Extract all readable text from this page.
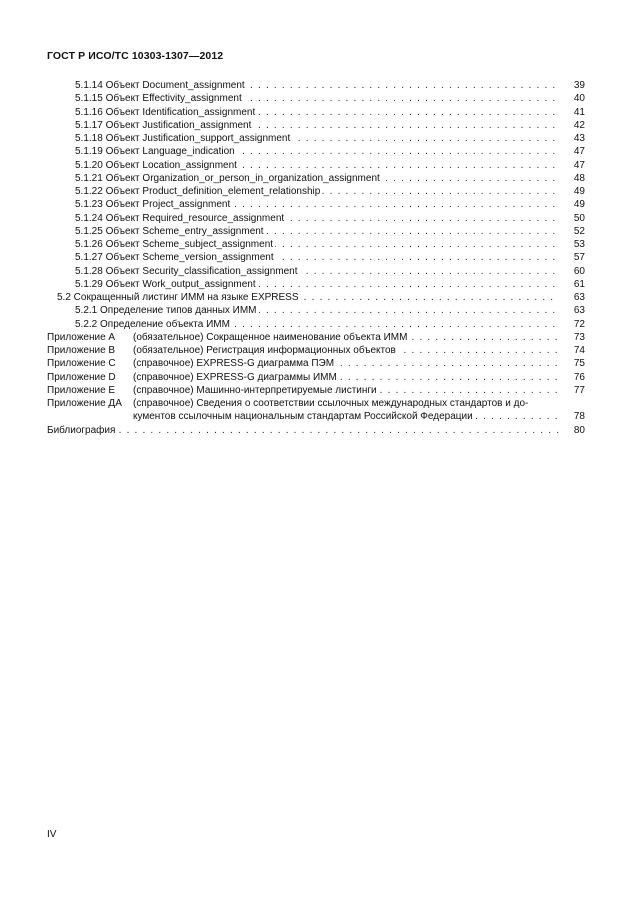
ГОСТ Р ИСО/ТС 10303-1307—2012
5.1.14 Объект Document_assignment . . .	39
5.1.15 Объект Effectivity_assignment . . .	40
5.1.16 Объект Identification_assignment . . .	41
5.1.17 Объект Justification_assignment . . .	42
5.1.18 Объект Justification_support_assignment . . .	43
5.1.19 Объект Language_indication . . .	47
5.1.20 Объект Location_assignment . . .	47
5.1.21 Объект Organization_or_person_in_organization_assignment . . .	48
5.1.22 Объект Product_definition_element_relationship . . .	49
5.1.23 Объект Project_assignment . . .	49
5.1.24 Объект Required_resource_assignment . . .	50
5.1.25 Объект Scheme_entry_assignment . . .	52
5.1.26 Объект Scheme_subject_assignment . . .	53
5.1.27 Объект Scheme_version_assignment . . .	57
5.1.28 Объект Security_classification_assignment . . .	60
5.1.29 Объект Work_output_assignment . . .	61
5.2 Сокращенный листинг ИММ на языке EXPRESS . . .	63
5.2.1 Определение типов данных ИММ . . .	63
5.2.2 Определение объекта ИММ . . .	72
Приложение А (обязательное) Сокращенное наименование объекта ИММ . . .	73
Приложение В (обязательное) Регистрация информационных объектов . . .	74
Приложение С (справочное) EXPRESS-G диаграмма ПЭМ . . .	75
Приложение D (справочное) EXPRESS-G диаграммы ИММ . . .	76
Приложение Е (справочное) Машинно-интерпретируемые листинги . . .	77
Приложение ДА (справочное) Сведения о соответствии ссылочных международных стандартов и до-
кументов ссылочным национальным стандартам Российской Федерации . . .	78
Библиография . . .	80
IV
